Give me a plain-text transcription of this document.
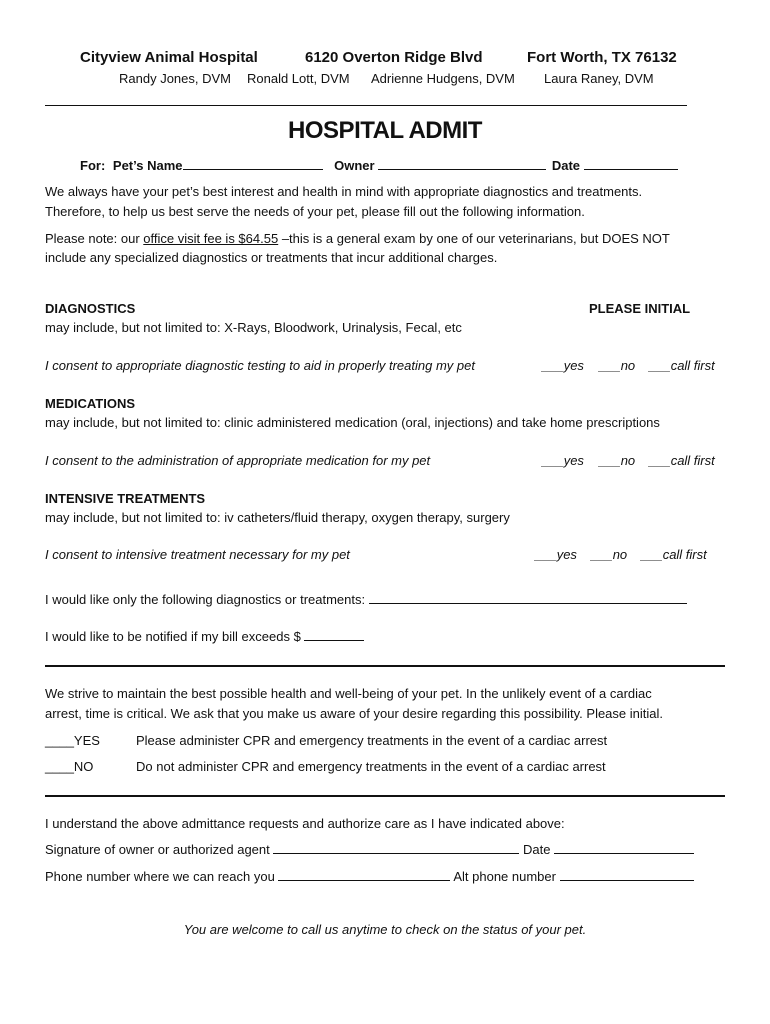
Cityview Animal Hospital	6120 Overton Ridge Blvd	Fort Worth, TX 76132
Randy Jones, DVM Ronald Lott, DVM Adrienne Hudgens, DVM Laura Raney, DVM
HOSPITAL ADMIT
For: Pet’s Name	Owner	Date
We always have your pet’s best interest and health in mind with appropriate diagnostics and treatments.
Therefore, to help us best serve the needs of your pet, please fill out the following information.
Please note: our office visit fee is $64.55 –this is a general exam by one of our veterinarians, but DOES NOT
include any specialized diagnostics or treatments that incur additional charges.
DIAGNOSTICS	PLEASE INITIAL
may include, but not limited to: X-Rays, Bloodwork, Urinalysis, Fecal, etc
I consent to appropriate diagnostic testing to aid in properly treating my pet	___yes ___no ___call first
MEDICATIONS
may include, but not limited to: clinic administered medication (oral, injections) and take home prescriptions
I consent to the administration of appropriate medication for my pet	___yes ___no ___call first
INTENSIVE TREATMENTS
may include, but not limited to: iv catheters/fluid therapy, oxygen therapy, surgery
I consent to intensive treatment necessary for my pet	___yes ___no ___call first
I would like only the following diagnostics or treatments:
I would like to be notified if my bill exceeds $
We strive to maintain the best possible health and well-being of your pet. In the unlikely event of a cardiac
arrest, time is critical. We ask that you make us aware of your desire regarding this possibility. Please initial.
____YES	Please administer CPR and emergency treatments in the event of a cardiac arrest
____NO	Do not administer CPR and emergency treatments in the event of a cardiac arrest
I understand the above admittance requests and authorize care as I have indicated above:
Signature of owner or authorized agent	Date
Phone number where we can reach you	Alt phone number
You are welcome to call us anytime to check on the status of your pet.
